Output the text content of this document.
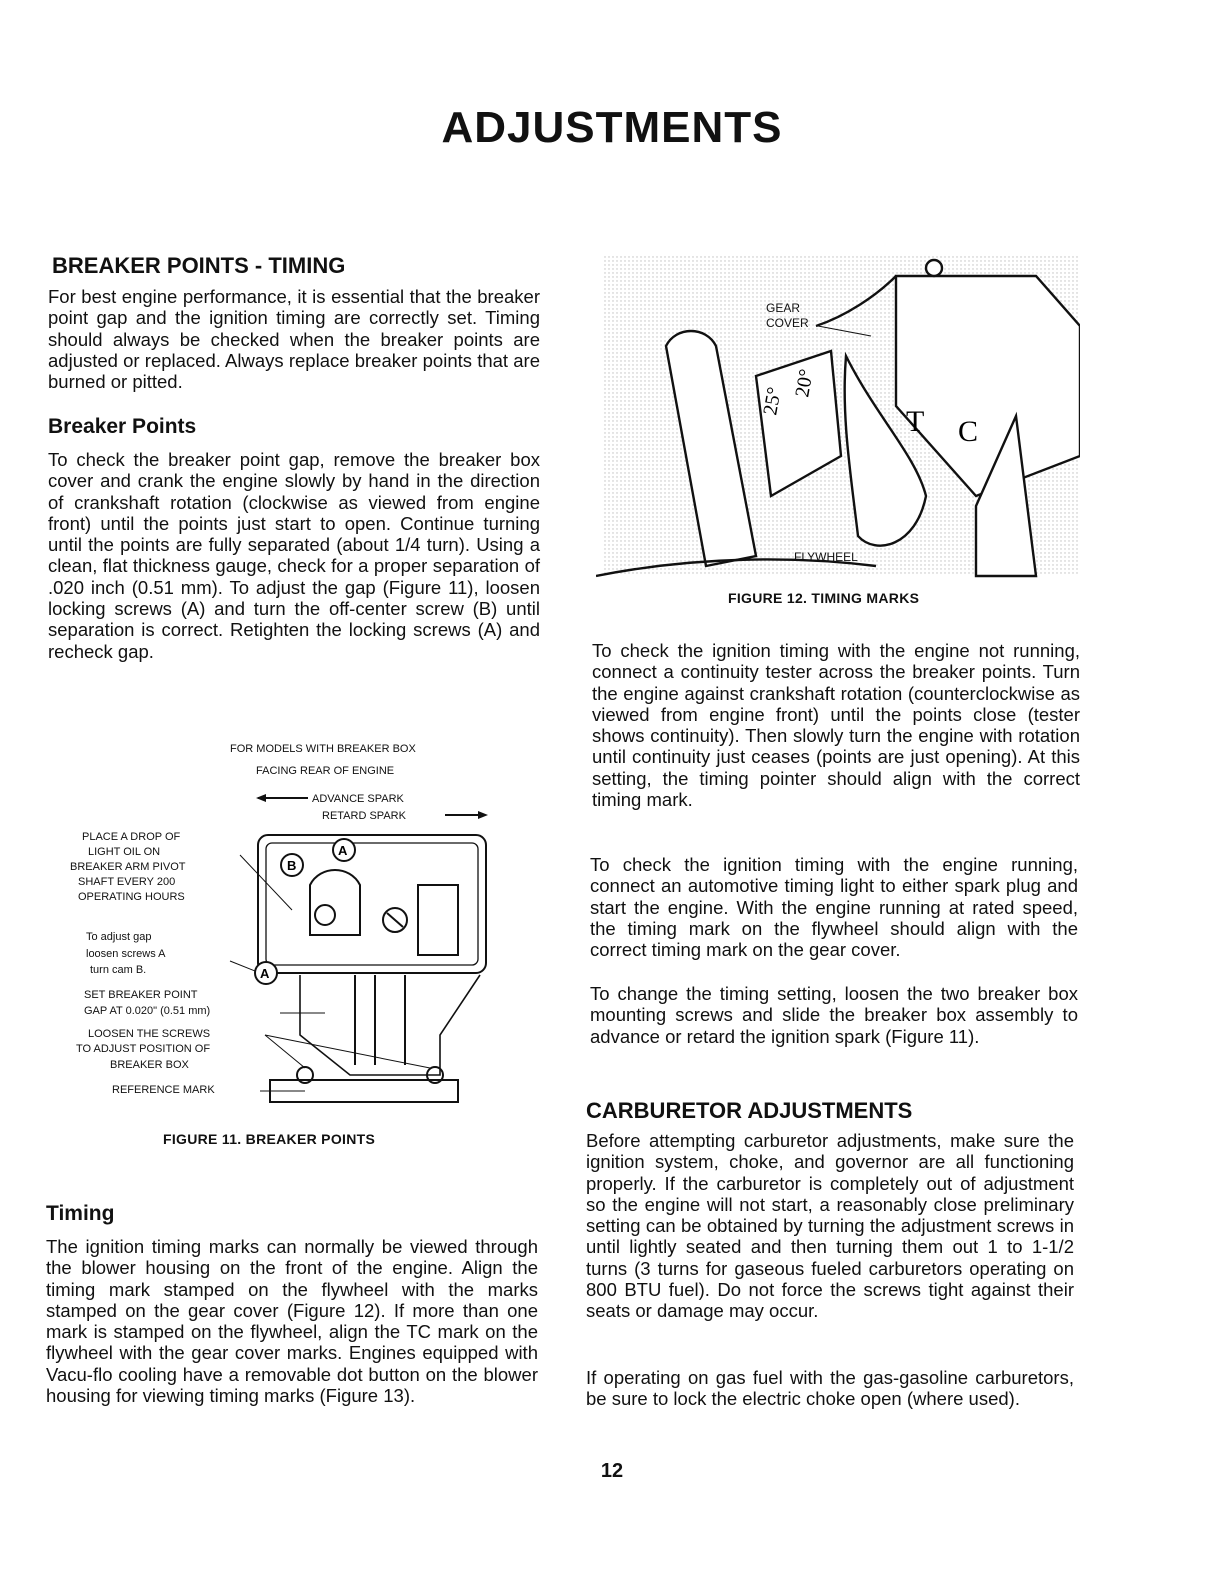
ADJUSTMENTS
BREAKER POINTS - TIMING

For best engine performance, it is essential that the breaker point gap and the ignition timing are correctly set. Timing should always be checked when the breaker points are adjusted or replaced. Always replace breaker points that are burned or pitted.

Breaker Points

To check the breaker point gap, remove the breaker box cover and crank the engine slowly by hand in the direction of crankshaft rotation (clockwise as viewed from engine front) until the points just start to open. Continue turning until the points are fully separated (about 1/4 turn). Using a clean, flat thickness gauge, check for a proper separation of .020 inch (0.51 mm). To adjust the gap (Figure 11), loosen locking screws (A) and turn the off-center screw (B) until separation is correct. Retighten the locking screws (A) and recheck gap.

FOR MODELS WITH BREAKER BOX
FACING REAR OF ENGINE
ADVANCE SPARK
RETARD SPARK
PLACE A DROP OF
LIGHT OIL ON
BREAKER ARM PIVOT
SHAFT EVERY 200
OPERATING HOURS
To adjust gap
loosen screws A
turn cam B.
SET BREAKER POINT
GAP AT 0.020" (0.51 mm)
LOOSEN THE SCREWS
TO ADJUST POSITION OF
BREAKER BOX
REFERENCE MARK
A
B
A
FIGURE 11. BREAKER POINTS
Timing

The ignition timing marks can normally be viewed through the blower housing on the front of the engine. Align the timing mark stamped on the flywheel with the marks stamped on the gear cover (Figure 12). If more than one mark is stamped on the flywheel, align the TC mark on the flywheel with the gear cover marks. Engines equipped with Vacu-flo cooling have a removable dot button on the blower housing for viewing timing marks (Figure 13).

GEAR
COVER
25°
20°
T C
FLYWHEEL
FIGURE 12. TIMING MARKS

To check the ignition timing with the engine not running, connect a continuity tester across the breaker points. Turn the engine against crankshaft rotation (counterclockwise as viewed from engine front) until the points close (tester shows continuity). Then slowly turn the engine with rotation until continuity just ceases (points are just opening). At this setting, the timing pointer should align with the correct timing mark.

To check the ignition timing with the engine running, connect an automotive timing light to either spark plug and start the engine. With the engine running at rated speed, the timing mark on the flywheel should align with the correct timing mark on the gear cover.

To change the timing setting, loosen the two breaker box mounting screws and slide the breaker box assembly to advance or retard the ignition spark (Figure 11).

CARBURETOR ADJUSTMENTS

Before attempting carburetor adjustments, make sure the ignition system, choke, and governor are all functioning properly. If the carburetor is completely out of adjustment so the engine will not start, a reasonably close preliminary setting can be obtained by turning the adjustment screws in until lightly seated and then turning them out 1 to 1-1/2 turns (3 turns for gaseous fueled carburetors operating on 800 BTU fuel). Do not force the screws tight against their seats or damage may occur.

If operating on gas fuel with the gas-gasoline carburetors, be sure to lock the electric choke open (where used).

12
